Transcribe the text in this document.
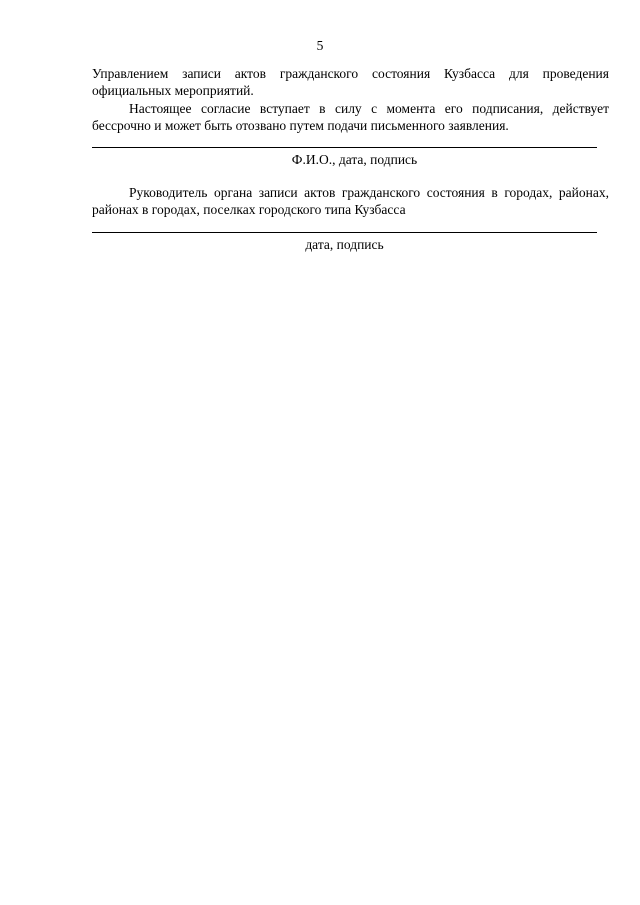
5

Управлением записи актов гражданского состояния Кузбасса для проведения официальных мероприятий.

Настоящее согласие вступает в силу с момента его подписания, действует бессрочно и может быть отозвано путем подачи письменного заявления.

Ф.И.О., дата, подпись

Руководитель органа записи актов гражданского состояния в городах, районах, районах в городах, поселках городского типа Кузбасса

дата, подпись
